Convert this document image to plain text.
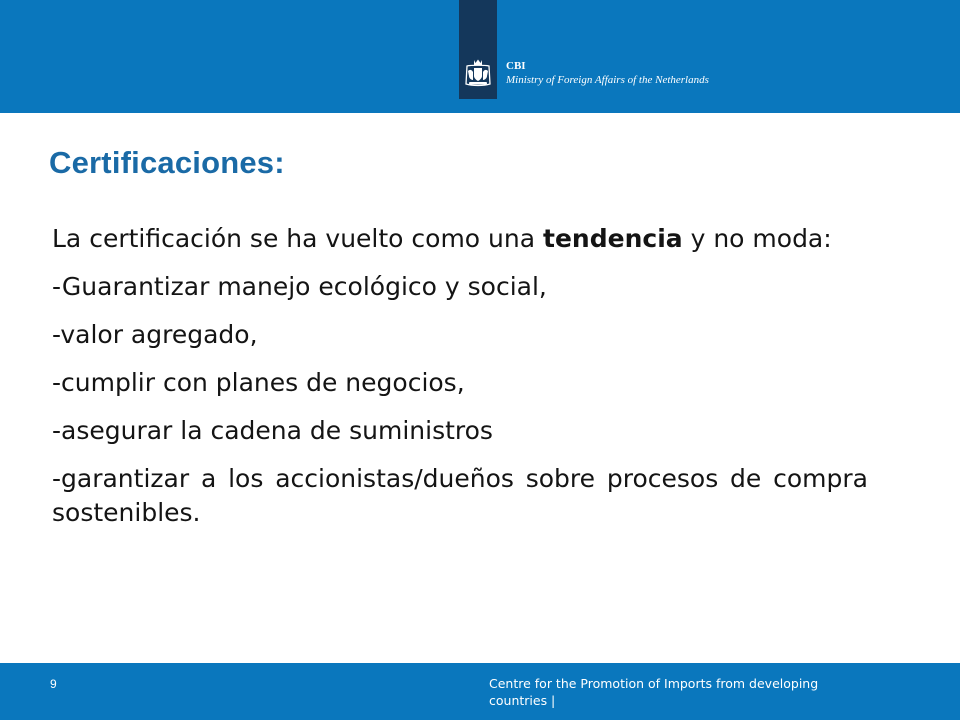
CBI
Ministry of Foreign Affairs of the Netherlands
Certificaciones:

La certificación se ha vuelto como una tendencia y no moda:

-Guarantizar manejo ecológico y social,

-valor agregado,

-cumplir con planes de negocios,

-asegurar la cadena de suministros

-garantizar a los accionistas/dueños sobre procesos de compra sostenibles.

9	Centre for the Promotion of Imports from developing countries |
